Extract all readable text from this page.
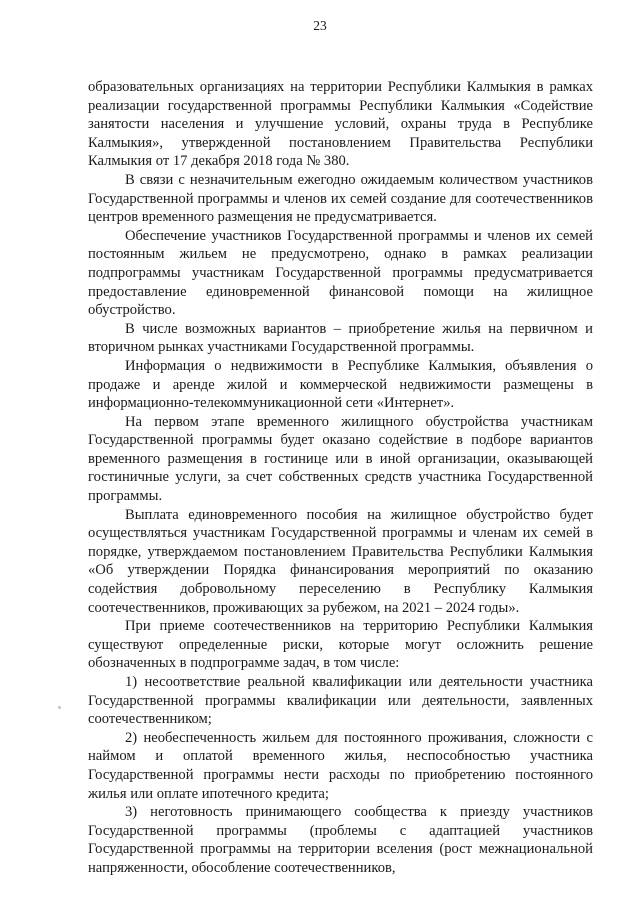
23

образовательных организациях на территории Республики Калмыкия в рамках реализации государственной программы Республики Калмыкия «Содействие занятости населения и улучшение условий, охраны труда в Республике Калмыкия», утвержденной постановлением Правительства Республики Калмыкия от 17 декабря 2018 года № 380.

В связи с незначительным ежегодно ожидаемым количеством участников Государственной программы и членов их семей создание для соотечественников центров временного размещения не предусматривается.

Обеспечение участников Государственной программы и членов их семей постоянным жильем не предусмотрено, однако в рамках реализации подпрограммы участникам Государственной программы предусматривается предоставление единовременной финансовой помощи на жилищное обустройство.

В числе возможных вариантов – приобретение жилья на первичном и вторичном рынках участниками Государственной программы.

Информация о недвижимости в Республике Калмыкия, объявления о продаже и аренде жилой и коммерческой недвижимости размещены в информационно-телекоммуникационной сети «Интернет».

На первом этапе временного жилищного обустройства участникам Государственной программы будет оказано содействие в подборе вариантов временного размещения в гостинице или в иной организации, оказывающей гостиничные услуги, за счет собственных средств участника Государственной программы.

Выплата единовременного пособия на жилищное обустройство будет осуществляться участникам Государственной программы и членам их семей в порядке, утверждаемом постановлением Правительства Республики Калмыкия «Об утверждении Порядка финансирования мероприятий по оказанию содействия добровольному переселению в Республику Калмыкия соотечественников, проживающих за рубежом, на 2021 – 2024 годы».

При приеме соотечественников на территорию Республики Калмыкия существуют определенные риски, которые могут осложнить решение обозначенных в подпрограмме задач, в том числе:

1) несоответствие реальной квалификации или деятельности участника Государственной программы квалификации или деятельности, заявленных соотечественником;

2) необеспеченность жильем для постоянного проживания, сложности с наймом и оплатой временного жилья, неспособностью участника Государственной программы нести расходы по приобретению постоянного жилья или оплате ипотечного кредита;

3) неготовность принимающего сообщества к приезду участников Государственной программы (проблемы с адаптацией участников Государственной программы на территории вселения (рост межнациональной напряженности, обособление соотечественников,
